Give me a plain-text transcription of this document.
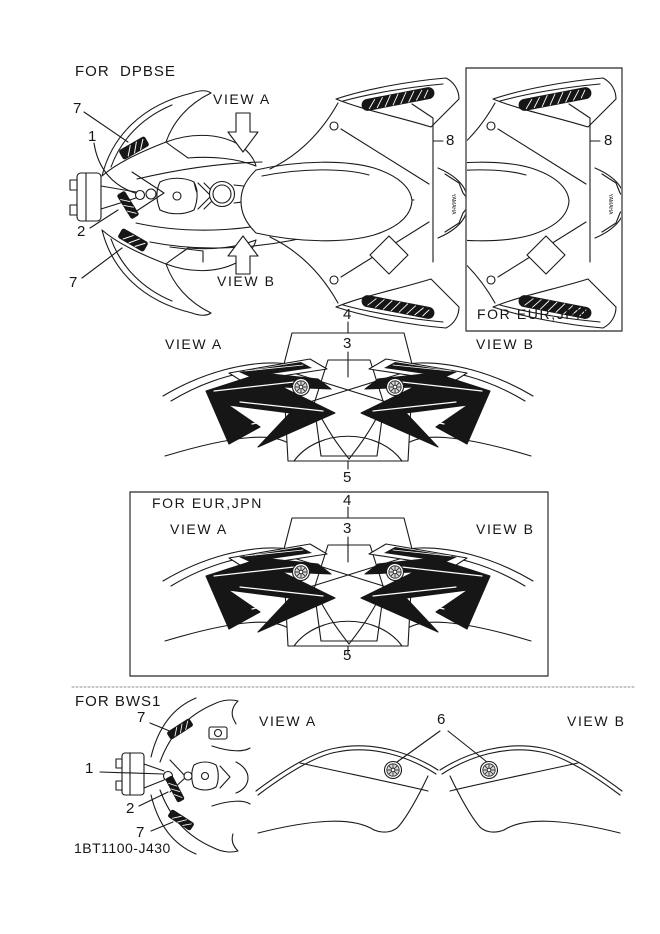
YAMAHA
FOR  DPBSE
VIEW A
VIEW B
7
1
2
7
8
FOR EUR,JPN
VIEW B
8
VIEW A
4
3
5
FOR EUR,JPN
VIEW A	VIEW B
4
3
5
FOR BWS1
7
1
2
7
1BT1100-J430
VIEW A	6	VIEW B
